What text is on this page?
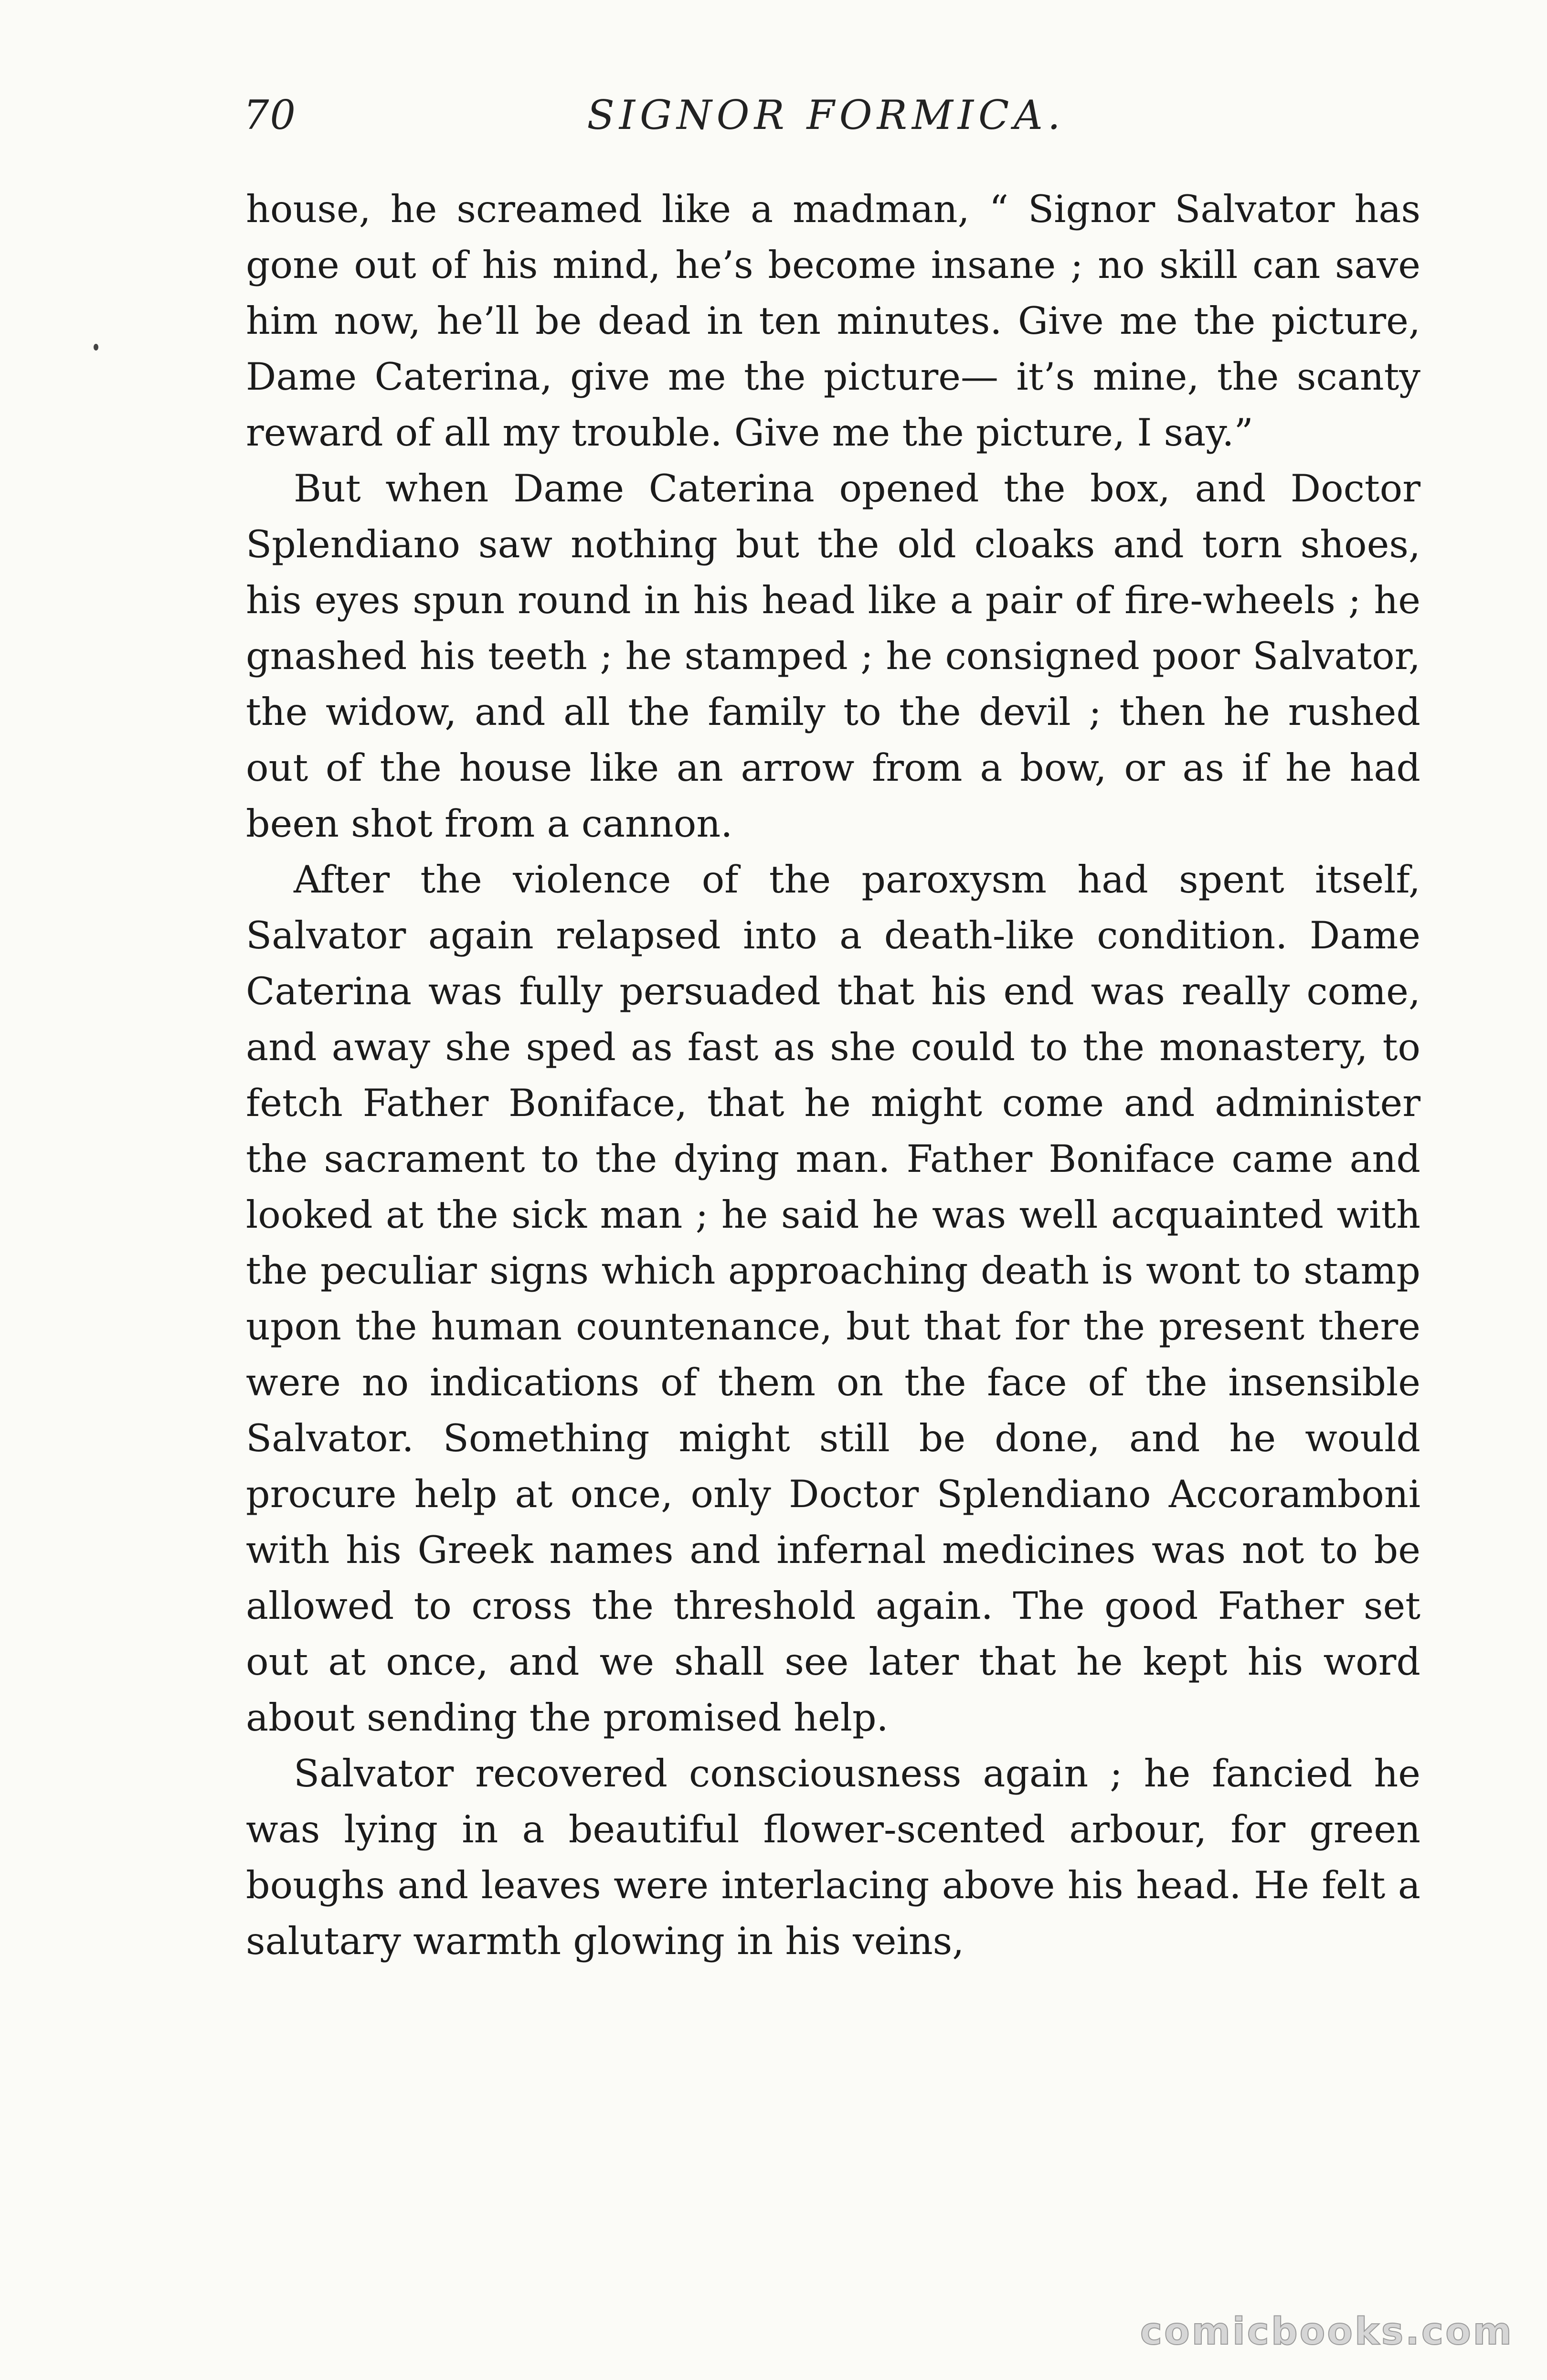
70	SIGNOR FORMICA.

house, he screamed like a madman, “ Signor Salvator has gone out of his mind, he’s become insane ; no skill can save him now, he’ll be dead in ten minutes. Give me the picture, Dame Caterina, give me the picture— it’s mine, the scanty reward of all my trouble. Give me the picture, I say.”

But when Dame Caterina opened the box, and Doctor Splendiano saw nothing but the old cloaks and torn shoes, his eyes spun round in his head like a pair of fire-wheels ; he gnashed his teeth ; he stamped ; he consigned poor Salvator, the widow, and all the family to the devil ; then he rushed out of the house like an arrow from a bow, or as if he had been shot from a cannon.

After the violence of the paroxysm had spent itself, Salvator again relapsed into a death-like condition. Dame Caterina was fully persuaded that his end was really come, and away she sped as fast as she could to the monastery, to fetch Father Boniface, that he might come and administer the sacrament to the dying man. Father Boniface came and looked at the sick man ; he said he was well acquainted with the peculiar signs which approaching death is wont to stamp upon the human countenance, but that for the present there were no indications of them on the face of the insensible Salvator. Something might still be done, and he would procure help at once, only Doctor Splendiano Accoramboni with his Greek names and infernal medicines was not to be allowed to cross the threshold again. The good Father set out at once, and we shall see later that he kept his word about sending the promised help.

Salvator recovered consciousness again ; he fancied he was lying in a beautiful flower-scented arbour, for green boughs and leaves were interlacing above his head. He felt a salutary warmth glowing in his veins,

comicbooks.com
